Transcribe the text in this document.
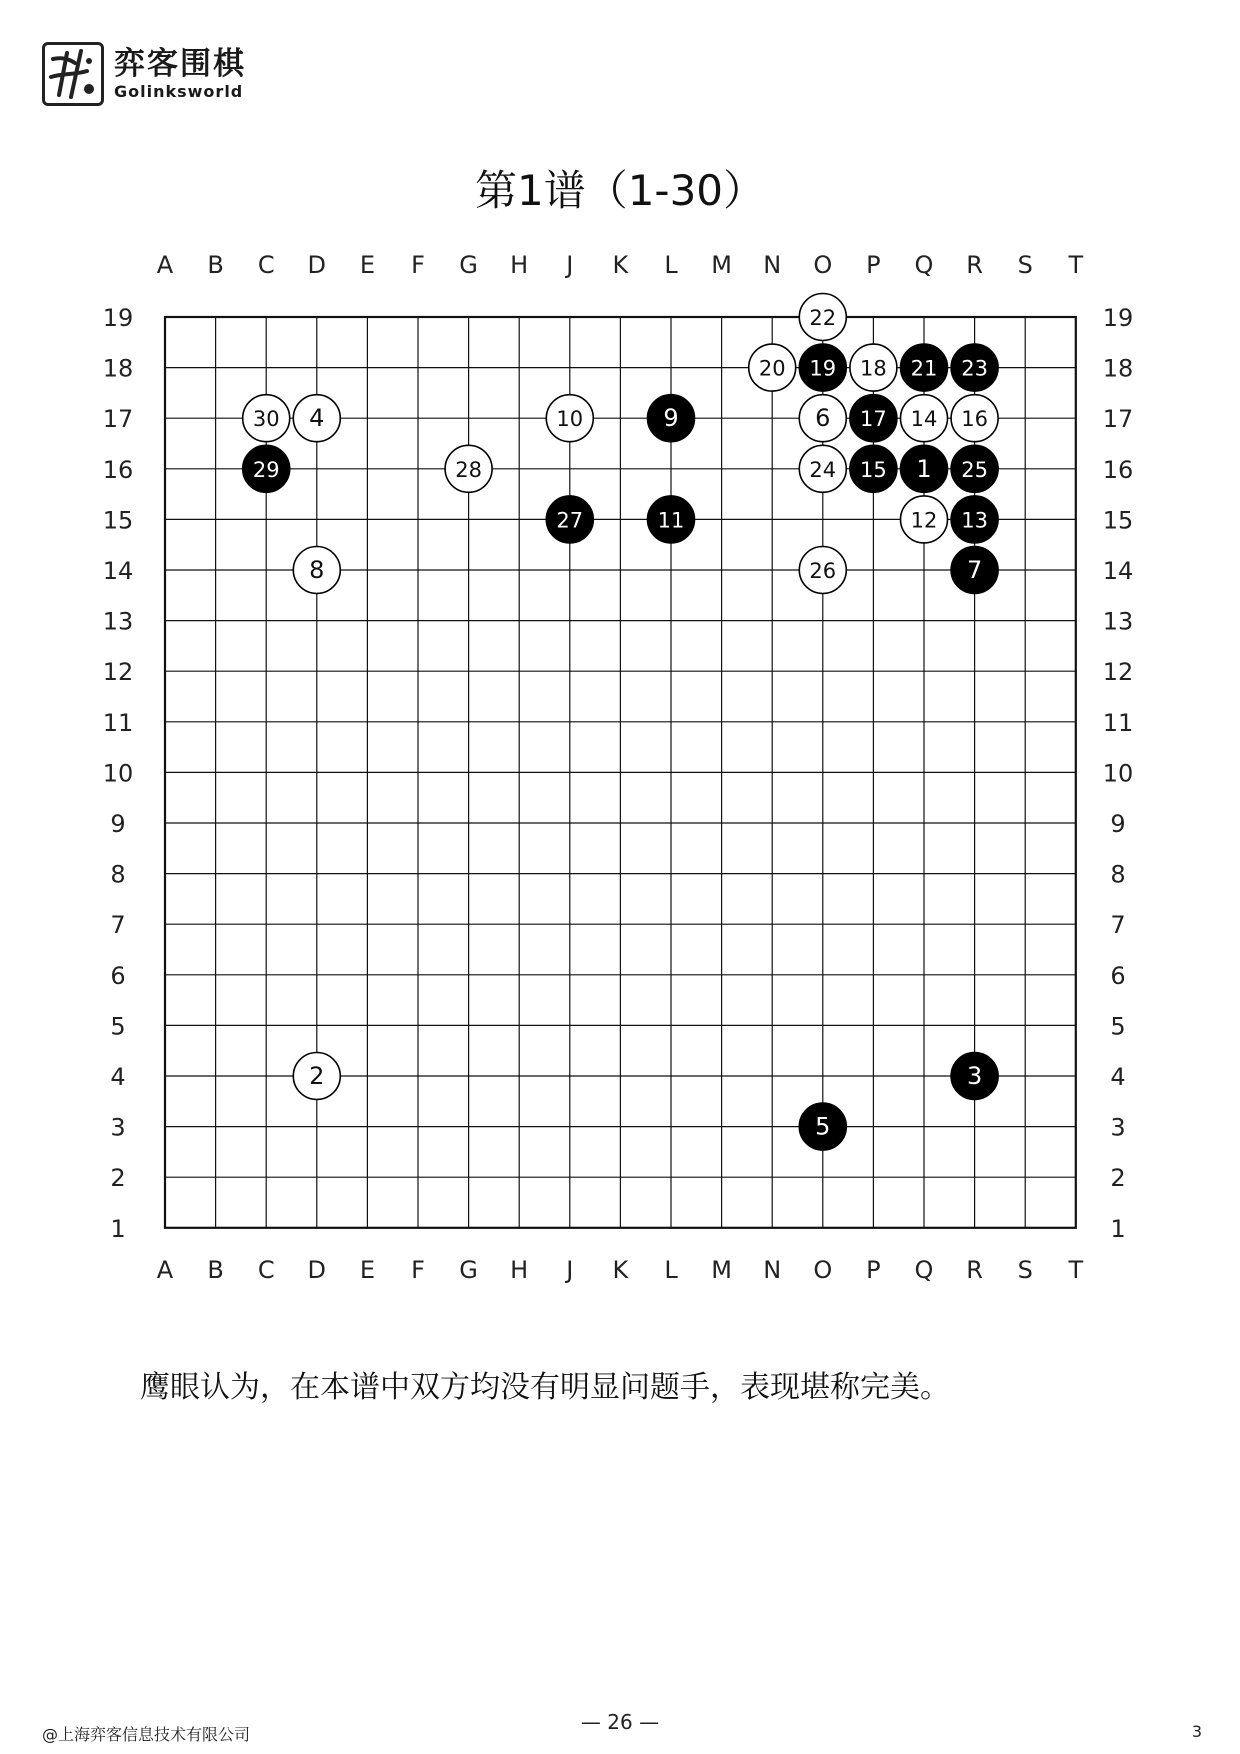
弈客围棋
Golinksworld
第1谱（1-30）
A
A
B
B
C
C
D
D
E
E
F
F
G
G
H
H
J
J
K
K
L
L
M
M
N
N
O
O
P
P
Q
Q
R
R
S
S
T
T
19	19
18	18
17	17
16	16
15	15
14	14
13	13
12	12
11	11
10	10
9	9
8	8
7	7
6	6
5	5
4	4
3	3
2	2
1	1
1
2	3
4
5
6
7
8
9
10
11	12 13
14
15
16
17
18
19
20	21
22
23
24	25
26
27
28
29
30
鹰眼认为，在本谱中双方均没有明显问题手，表现堪称完美。
@上海弈客信息技术有限公司
— 26 —	3
